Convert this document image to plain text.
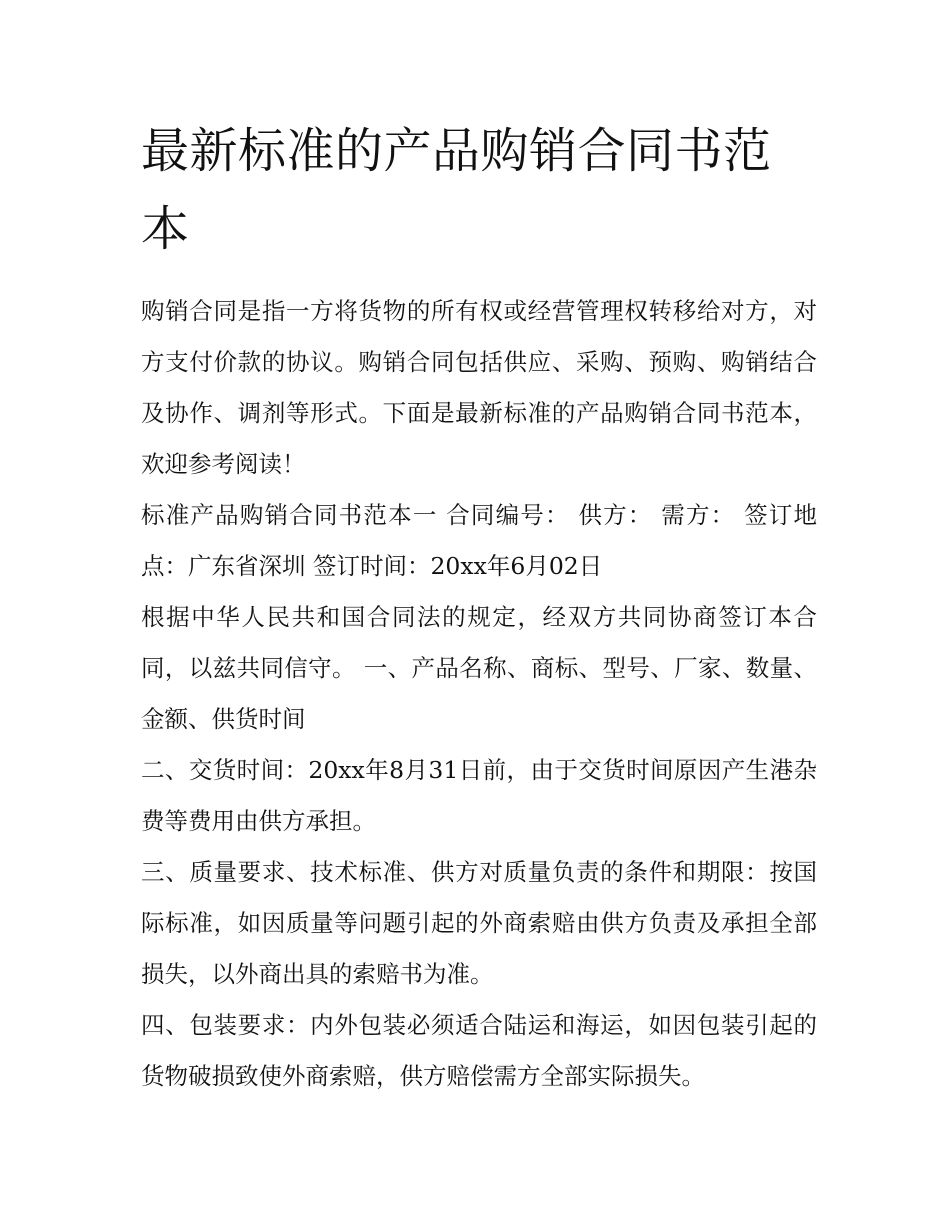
最新标准的产品购销合同书范本

购销合同是指一方将货物的所有权或经营管理权转移给对方，对方支付价款的协议。购销合同包括供应、采购、预购、购销结合及协作、调剂等形式。下面是最新标准的产品购销合同书范本，欢迎参考阅读！

标准产品购销合同书范本一 合同编号： 供方： 需方： 签订地点：广东省深圳 签订时间：20xx年6月02日

根据中华人民共和国合同法的规定，经双方共同协商签订本合同，以兹共同信守。 一、产品名称、商标、型号、厂家、数量、金额、供货时间

二、交货时间：20xx年8月31日前，由于交货时间原因产生港杂费等费用由供方承担。

三、质量要求、技术标准、供方对质量负责的条件和期限：按国际标准，如因质量等问题引起的外商索赔由供方负责及承担全部损失，以外商出具的索赔书为准。

四、包装要求：内外包装必须适合陆运和海运，如因包装引起的货物破损致使外商索赔，供方赔偿需方全部实际损失。
